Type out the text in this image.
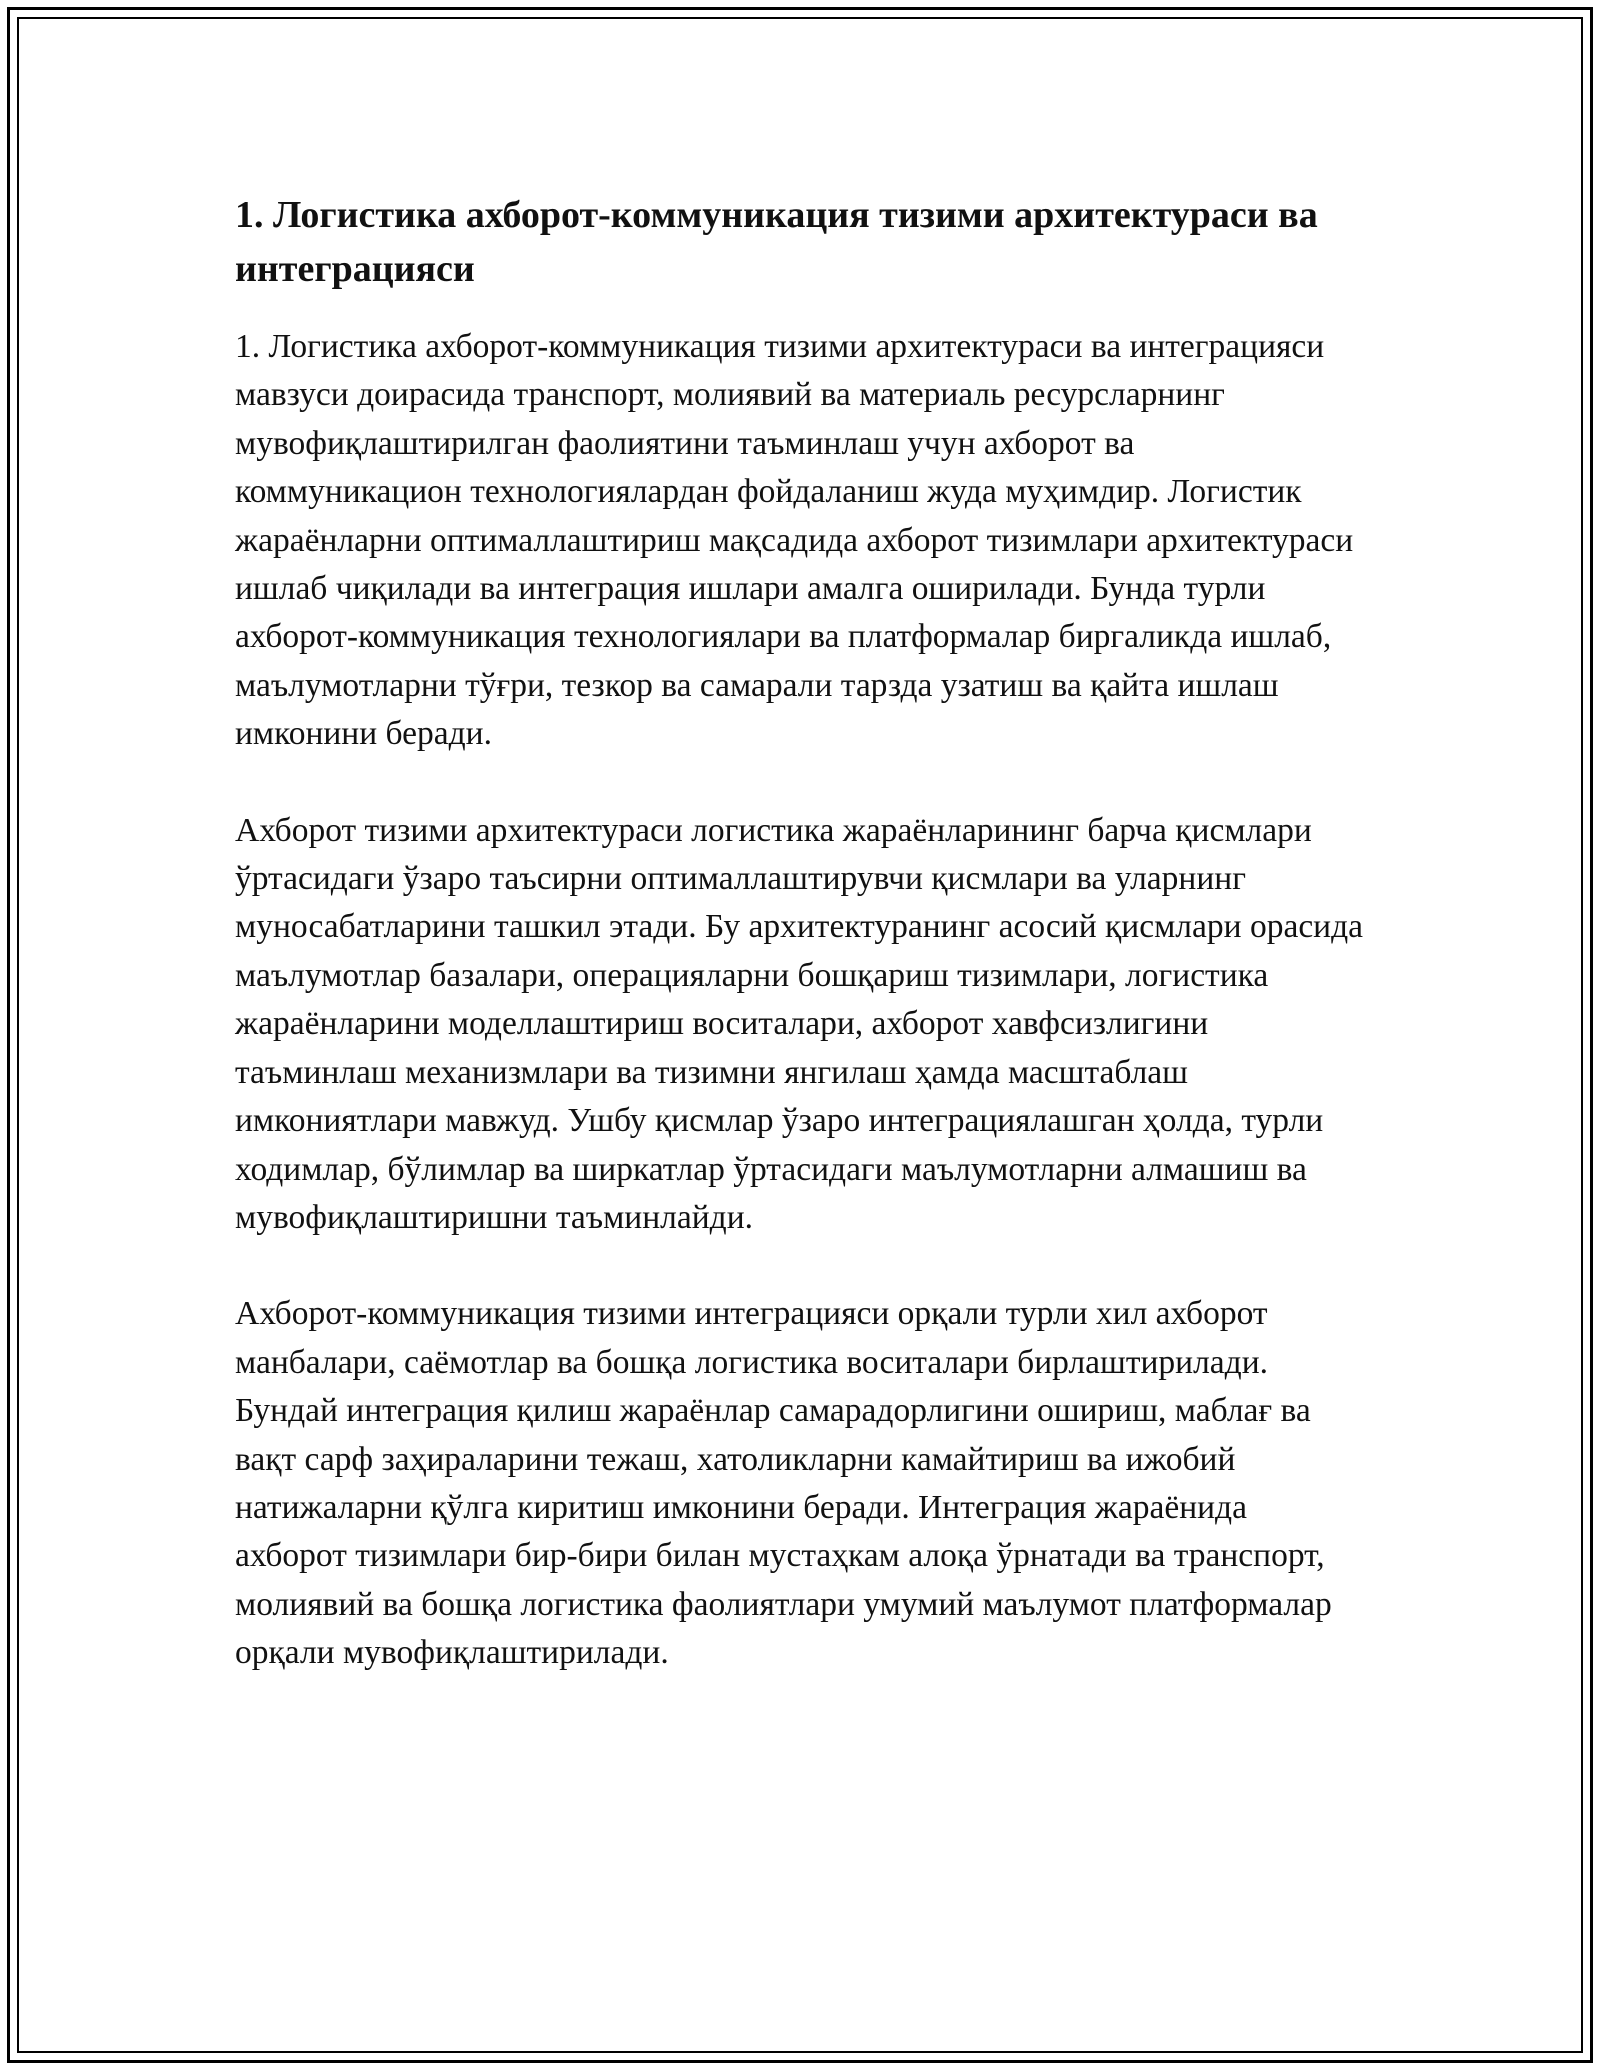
1. Логистика ахборот-коммуникация тизими архитектураси ва интеграцияси

1. Логистика ахборот-коммуникация тизими архитектураси ва интеграцияси мавзуси доирасида транспорт, молиявий ва материаль ресурсларнинг мувофиқлаштирилган фаолиятини таъминлаш учун ахборот ва коммуникацион технологиялардан фойдаланиш жуда муҳимдир. Логистик жараёнларни оптималлаштириш мақсадида ахборот тизимлари архитектураси ишлаб чиқилади ва интеграция ишлари амалга оширилади. Бунда турли ахборот-коммуникация технологиялари ва платформалар биргаликда ишлаб, маълумотларни тўғри, тезкор ва самарали тарзда узатиш ва қайта ишлаш имконини беради.

Ахборот тизими архитектураси логистика жараёнларининг барча қисмлари ўртасидаги ўзаро таъсирни оптималлаштирувчи қисмлари ва уларнинг муносабатларини ташкил этади. Бу архитектуранинг асосий қисмлари орасида маълумотлар базалари, операцияларни бошқариш тизимлари, логистика жараёнларини моделлаштириш воситалари, ахборот хавфсизлигини таъминлаш механизмлари ва тизимни янгилаш ҳамда масштаблаш имкониятлари мавжуд. Ушбу қисмлар ўзаро интеграциялашган ҳолда, турли ходимлар, бўлимлар ва ширкатлар ўртасидаги маълумотларни алмашиш ва мувофиқлаштиришни таъминлайди.

Ахборот-коммуникация тизими интеграцияси орқали турли хил ахборот манбалари, саёмотлар ва бошқа логистика воситалари бирлаштирилади. Бундай интеграция қилиш жараёнлар самарадорлигини ошириш, маблағ ва вақт сарф заҳираларини тежаш, хатоликларни камайтириш ва ижобий натижаларни қўлга киритиш имконини беради. Интеграция жараёнида ахборот тизимлари бир-бири билан мустаҳкам алоқа ўрнатади ва транспорт, молиявий ва бошқа логистика фаолиятлари умумий маълумот платформалар орқали мувофиқлаштирилади.
